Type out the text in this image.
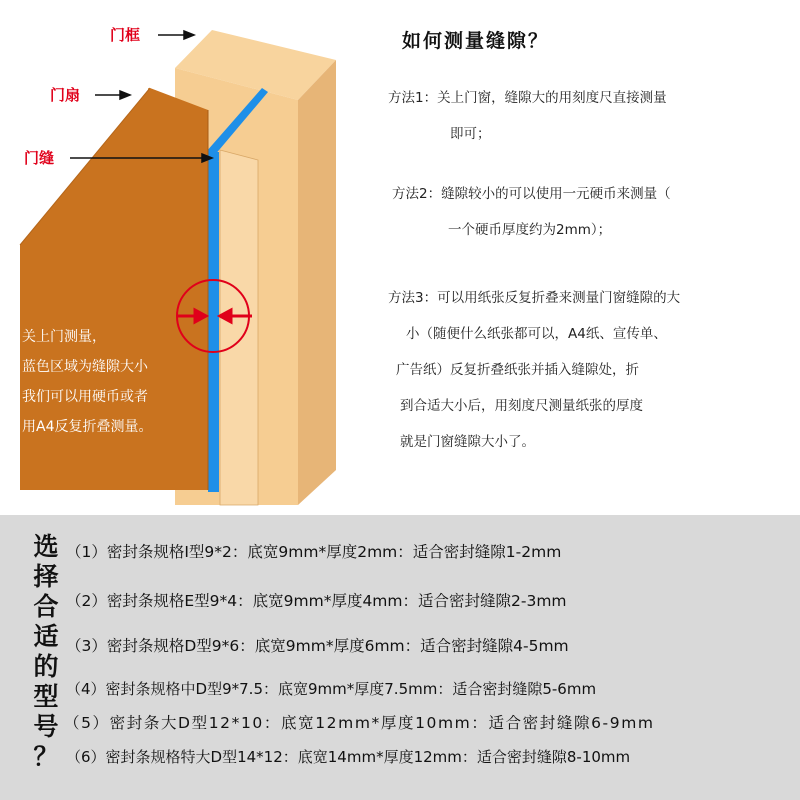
门框
门扇
门缝
关上门测量，
蓝色区域为缝隙大小
我们可以用硬币或者
用A4反复折叠测量。
如何测量缝隙？
方法1：关上门窗，缝隙大的用刻度尺直接测量
即可；
方法2：缝隙较小的可以使用一元硬币来测量（
一个硬币厚度约为2mm）；
方法3：可以用纸张反复折叠来测量门窗缝隙的大
小（随便什么纸张都可以，A4纸、宣传单、
广告纸）反复折叠纸张并插入缝隙处，折
到合适大小后，用刻度尺测量纸张的厚度
就是门窗缝隙大小了。
选
择
合
适
的
型
号
？
（1）密封条规格I型9*2：底宽9mm*厚度2mm：适合密封缝隙1-2mm
（2）密封条规格E型9*4：底宽9mm*厚度4mm：适合密封缝隙2-3mm
（3）密封条规格D型9*6：底宽9mm*厚度6mm：适合密封缝隙4-5mm
（4）密封条规格中D型9*7.5：底宽9mm*厚度7.5mm：适合密封缝隙5-6mm
（5）密封条大D型12*10：底宽12mm*厚度10mm：适合密封缝隙6-9mm
（6）密封条规格特大D型14*12：底宽14mm*厚度12mm：适合密封缝隙8-10mm
